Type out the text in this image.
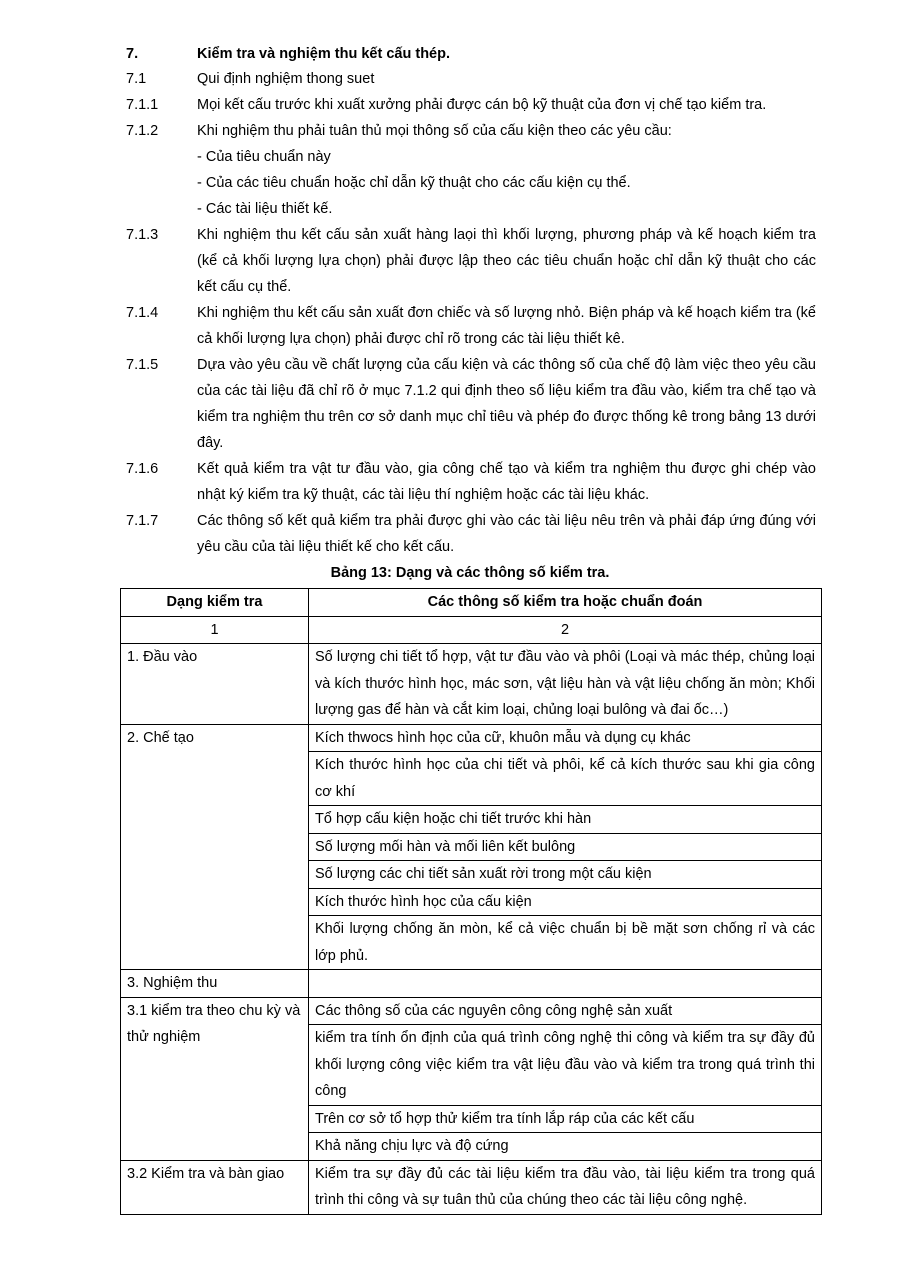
7.	Kiểm tra và nghiệm thu kết cấu thép.
7.1	Qui định nghiệm thong suet
7.1.1	Mọi kết cấu trước khi xuất xưởng phải được cán bộ kỹ thuật của đơn vị chế tạo kiểm tra.
7.1.2	Khi nghiệm thu phải tuân thủ mọi thông số của cấu kiện theo các yêu cầu:
- Của tiêu chuẩn này
- Của các tiêu chuẩn hoặc chỉ dẫn kỹ thuật cho các cấu kiện cụ thể.
- Các tài liệu thiết kế.
7.1.3	Khi nghiệm thu kết cấu sản xuất hàng laọi thì khối lượng, phương pháp và kế hoạch kiểm tra (kể cả khối lượng lựa chọn) phải được lập theo các tiêu chuẩn hoặc chỉ dẫn kỹ thuật cho các kết cấu cụ thể.
7.1.4	Khi nghiệm thu kết cấu sản xuất đơn chiếc và số lượng nhỏ. Biện pháp và kế hoạch kiểm tra (kể cả khối lượng lựa chọn) phải được chỉ rõ trong các tài liệu thiết kê.
7.1.5	Dựa vào yêu cầu về chất lượng của cấu kiện và các thông số của chế độ làm việc theo yêu cầu của các tài liệu đã chỉ rõ ở mục 7.1.2 qui định theo số liệu kiểm tra đầu vào, kiểm tra chế tạo và kiểm tra nghiệm thu trên cơ sở danh mục chỉ tiêu và phép đo được thống kê trong bảng 13 dưới đây.
7.1.6	Kết quả kiểm tra vật tư đầu vào, gia công chế tạo và kiểm tra nghiệm thu được ghi chép vào nhật ký kiểm tra kỹ thuật, các tài liệu thí nghiệm hoặc các tài liệu khác.
7.1.7	Các thông số kết quả kiểm tra phải được ghi vào các tài liệu nêu trên và phải đáp ứng đúng với yêu cầu của tài liệu thiết kế cho kết cấu.
Bảng 13: Dạng và các thông số kiểm tra.
Dạng kiểm tra	Các thông số kiểm tra hoặc chuẩn đoán
1	2
1. Đầu vào	Số lượng chi tiết tổ hợp, vật tư đầu vào và phôi (Loại và mác thép, chủng loại và kích thước hình học, mác sơn, vật liệu hàn và vật liệu chống ăn mòn; Khối lượng gas để hàn và cắt kim loại, chủng loại bulông và đai ốc…)
2. Chế tạo	Kích thwocs hình học của cữ, khuôn mẫu và dụng cụ khác
	Kích thước hình học của chi tiết và phôi, kể cả kích thước sau khi gia công cơ khí
	Tổ hợp cấu kiện hoặc chi tiết trước khi hàn
	Số lượng mối hàn và mối liên kết bulông
	Số lượng các chi tiết sản xuất rời trong một cấu kiện
	Kích thước hình học của cấu kiện
	Khối lượng chống ăn mòn, kể cả việc chuẩn bị bề mặt sơn chống rỉ và các lớp phủ.
3. Nghiệm thu	
3.1 kiểm tra theo chu kỳ và thử nghiệm	Các thông số của các nguyên công công nghệ sản xuất
	kiểm tra tính ổn định của quá trình công nghệ thi công và kiểm tra sự đầy đủ khối lượng công việc kiểm tra vật liệu đầu vào và kiểm tra trong quá trình thi công
	Trên cơ sở tổ hợp thử kiểm tra tính lắp ráp của các kết cấu
	Khả năng chịu lực và độ cứng
3.2 Kiểm tra và bàn giao	Kiểm tra sự đầy đủ các tài liệu kiểm tra đầu vào, tài liệu kiểm tra trong quá trình thi công và sự tuân thủ của chúng theo các tài liệu công nghệ.
